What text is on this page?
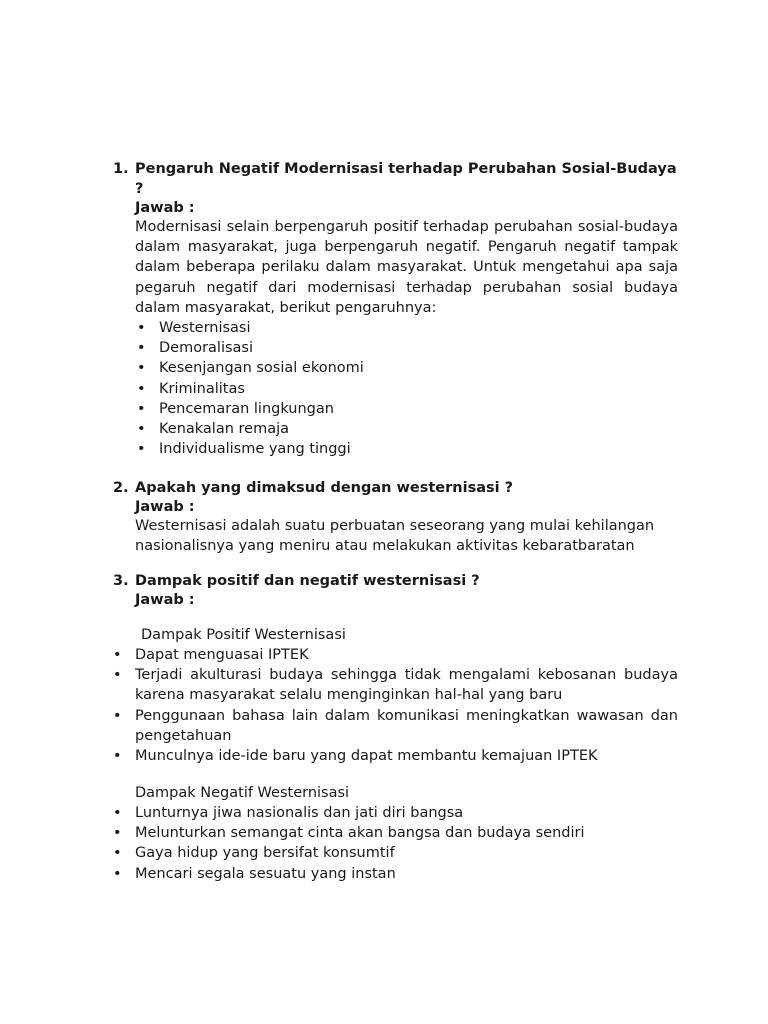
1. Pengaruh Negatif Modernisasi terhadap Perubahan Sosial-Budaya ?
Jawab :

Modernisasi selain berpengaruh positif terhadap perubahan sosial-budaya dalam masyarakat, juga berpengaruh negatif. Pengaruh negatif tampak dalam beberapa perilaku dalam masyarakat. Untuk mengetahui apa saja pegaruh negatif dari modernisasi terhadap perubahan sosial budaya dalam masyarakat, berikut pengaruhnya:

• Westernisasi
• Demoralisasi
• Kesenjangan sosial ekonomi
• Kriminalitas
• Pencemaran lingkungan
• Kenakalan remaja
• Individualisme yang tinggi
2. Apakah yang dimaksud dengan westernisasi ?
Jawab :

Westernisasi adalah suatu perbuatan seseorang yang mulai kehilangan nasionalisnya yang meniru atau melakukan aktivitas kebaratbaratan

3. Dampak positif dan negatif westernisasi ?
Jawab :
Dampak Positif Westernisasi
• Dapat menguasai IPTEK
• Terjadi akulturasi budaya sehingga tidak mengalami kebosanan budaya karena masyarakat selalu menginginkan hal-hal yang baru
• Penggunaan bahasa lain dalam komunikasi meningkatkan wawasan dan pengetahuan
• Munculnya ide-ide baru yang dapat membantu kemajuan IPTEK
Dampak Negatif Westernisasi
• Lunturnya jiwa nasionalis dan jati diri bangsa
• Melunturkan semangat cinta akan bangsa dan budaya sendiri
• Gaya hidup yang bersifat konsumtif
• Mencari segala sesuatu yang instan
